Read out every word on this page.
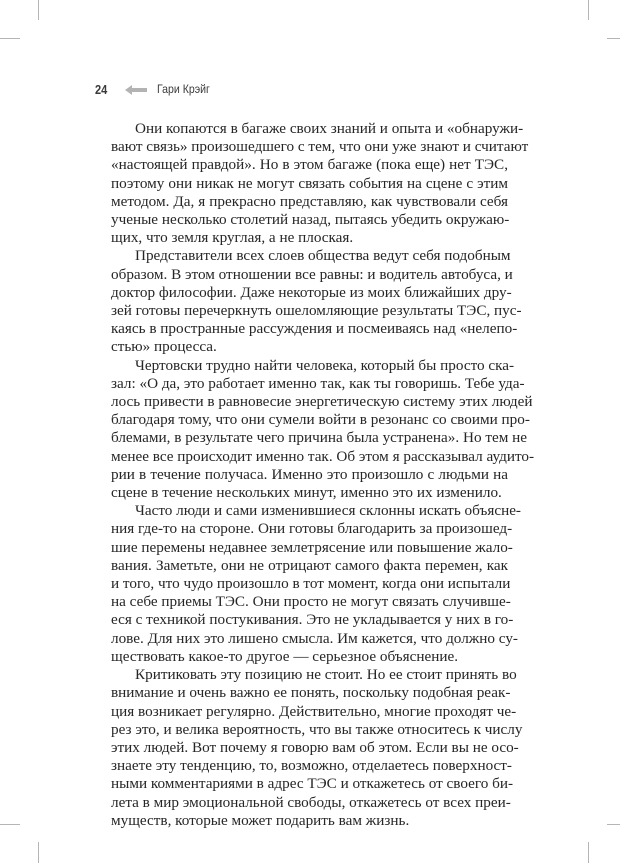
24	Гари Крэйг
Они копаются в багаже своих знаний и опыта и «обнаружи-
вают связь» произошедшего с тем, что они уже знают и считают
«настоящей правдой». Но в этом багаже (пока еще) нет ТЭС,
поэтому они никак не могут связать события на сцене с этим
методом. Да, я прекрасно представляю, как чувствовали себя
ученые несколько столетий назад, пытаясь убедить окружаю-
щих, что земля круглая, а не плоская.
Представители всех слоев общества ведут себя подобным
образом. В этом отношении все равны: и водитель автобуса, и
доктор философии. Даже некоторые из моих ближайших дру-
зей готовы перечеркнуть ошеломляющие результаты ТЭС, пус-
каясь в пространные рассуждения и посмеиваясь над «нелепо-
стью» процесса.
Чертовски трудно найти человека, который бы просто ска-
зал: «О да, это работает именно так, как ты говоришь. Тебе уда-
лось привести в равновесие энергетическую систему этих людей
благодаря тому, что они сумели войти в резонанс со своими про-
блемами, в результате чего причина была устранена». Но тем не
менее все происходит именно так. Об этом я рассказывал аудито-
рии в течение получаса. Именно это произошло с людьми на
сцене в течение нескольких минут, именно это их изменило.
Часто люди и сами изменившиеся склонны искать объясне-
ния где-то на стороне. Они готовы благодарить за произошед-
шие перемены недавнее землетрясение или повышение жало-
вания. Заметьте, они не отрицают самого факта перемен, как
и того, что чудо произошло в тот момент, когда они испытали
на себе приемы ТЭС. Они просто не могут связать случивше-
еся с техникой постукивания. Это не укладывается у них в го-
лове. Для них это лишено смысла. Им кажется, что должно су-
ществовать какое-то другое — серьезное объяснение.
Критиковать эту позицию не стоит. Но ее стоит принять во
внимание и очень важно ее понять, поскольку подобная реак-
ция возникает регулярно. Действительно, многие проходят че-
рез это, и велика вероятность, что вы также относитесь к числу
этих людей. Вот почему я говорю вам об этом. Если вы не осо-
знаете эту тенденцию, то, возможно, отделаетесь поверхност-
ными комментариями в адрес ТЭС и откажетесь от своего би-
лета в мир эмоциональной свободы, откажетесь от всех преи-
муществ, которые может подарить вам жизнь.
